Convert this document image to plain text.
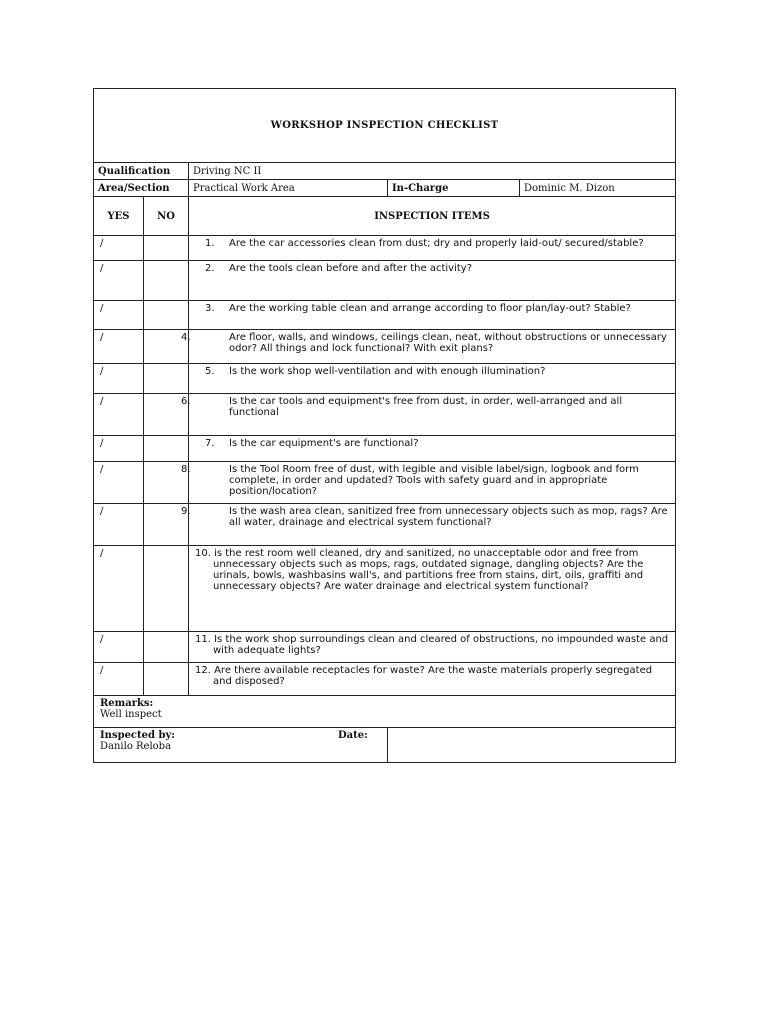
WORKSHOP INSPECTION CHECKLIST				
Qualification		Driving NC II		
Area/Section		Practical Work Area	In-Charge	Dominic M. Dizon
YES	NO	INSPECTION ITEMS		
/		1. Are the car accessories clean from dust; dry and properly laid-out/ secured/stable?		
/		2. Are the tools clean before and after the activity?		
/		3. Are the working table clean and arrange according to floor plan/lay-out? Stable?		
/		4. Are floor, walls, and windows, ceilings clean, neat, without obstructions or unnecessary odor? All things and lock functional? With exit plans?		

/		5. Is the work shop well-ventilation and with enough illumination?		
/		6. Is the car tools and equipment's free from dust, in order, well-arranged and all functional		

/		7. Is the car equipment's are functional?		
/		8. Is the Tool Room free of dust, with legible and visible label/sign, logbook and form complete, in order and updated? Tools with safety guard and in appropriate position/location?		

/		9. Is the wash area clean, sanitized free from unnecessary objects such as mop, rags? Are all water, drainage and electrical system functional?		

/		10. is the rest room well cleaned, dry and sanitized, no unacceptable odor and free from unnecessary objects such as mops, rags, outdated signage, dangling objects? Are the urinals, bowls, washbasins wall's, and partitions free from stains, dirt, oils, graffiti and unnecessary objects? Are water drainage and electrical system functional?		

/		11. Is the work shop surroundings clean and cleared of obstructions, no impounded waste and with adequate lights?		

/		12. Are there available receptacles for waste? Are the waste materials properly segregated and disposed?		

Remarks:
Well inspect				

Inspected by:
Danilo Reloba			Date:	
